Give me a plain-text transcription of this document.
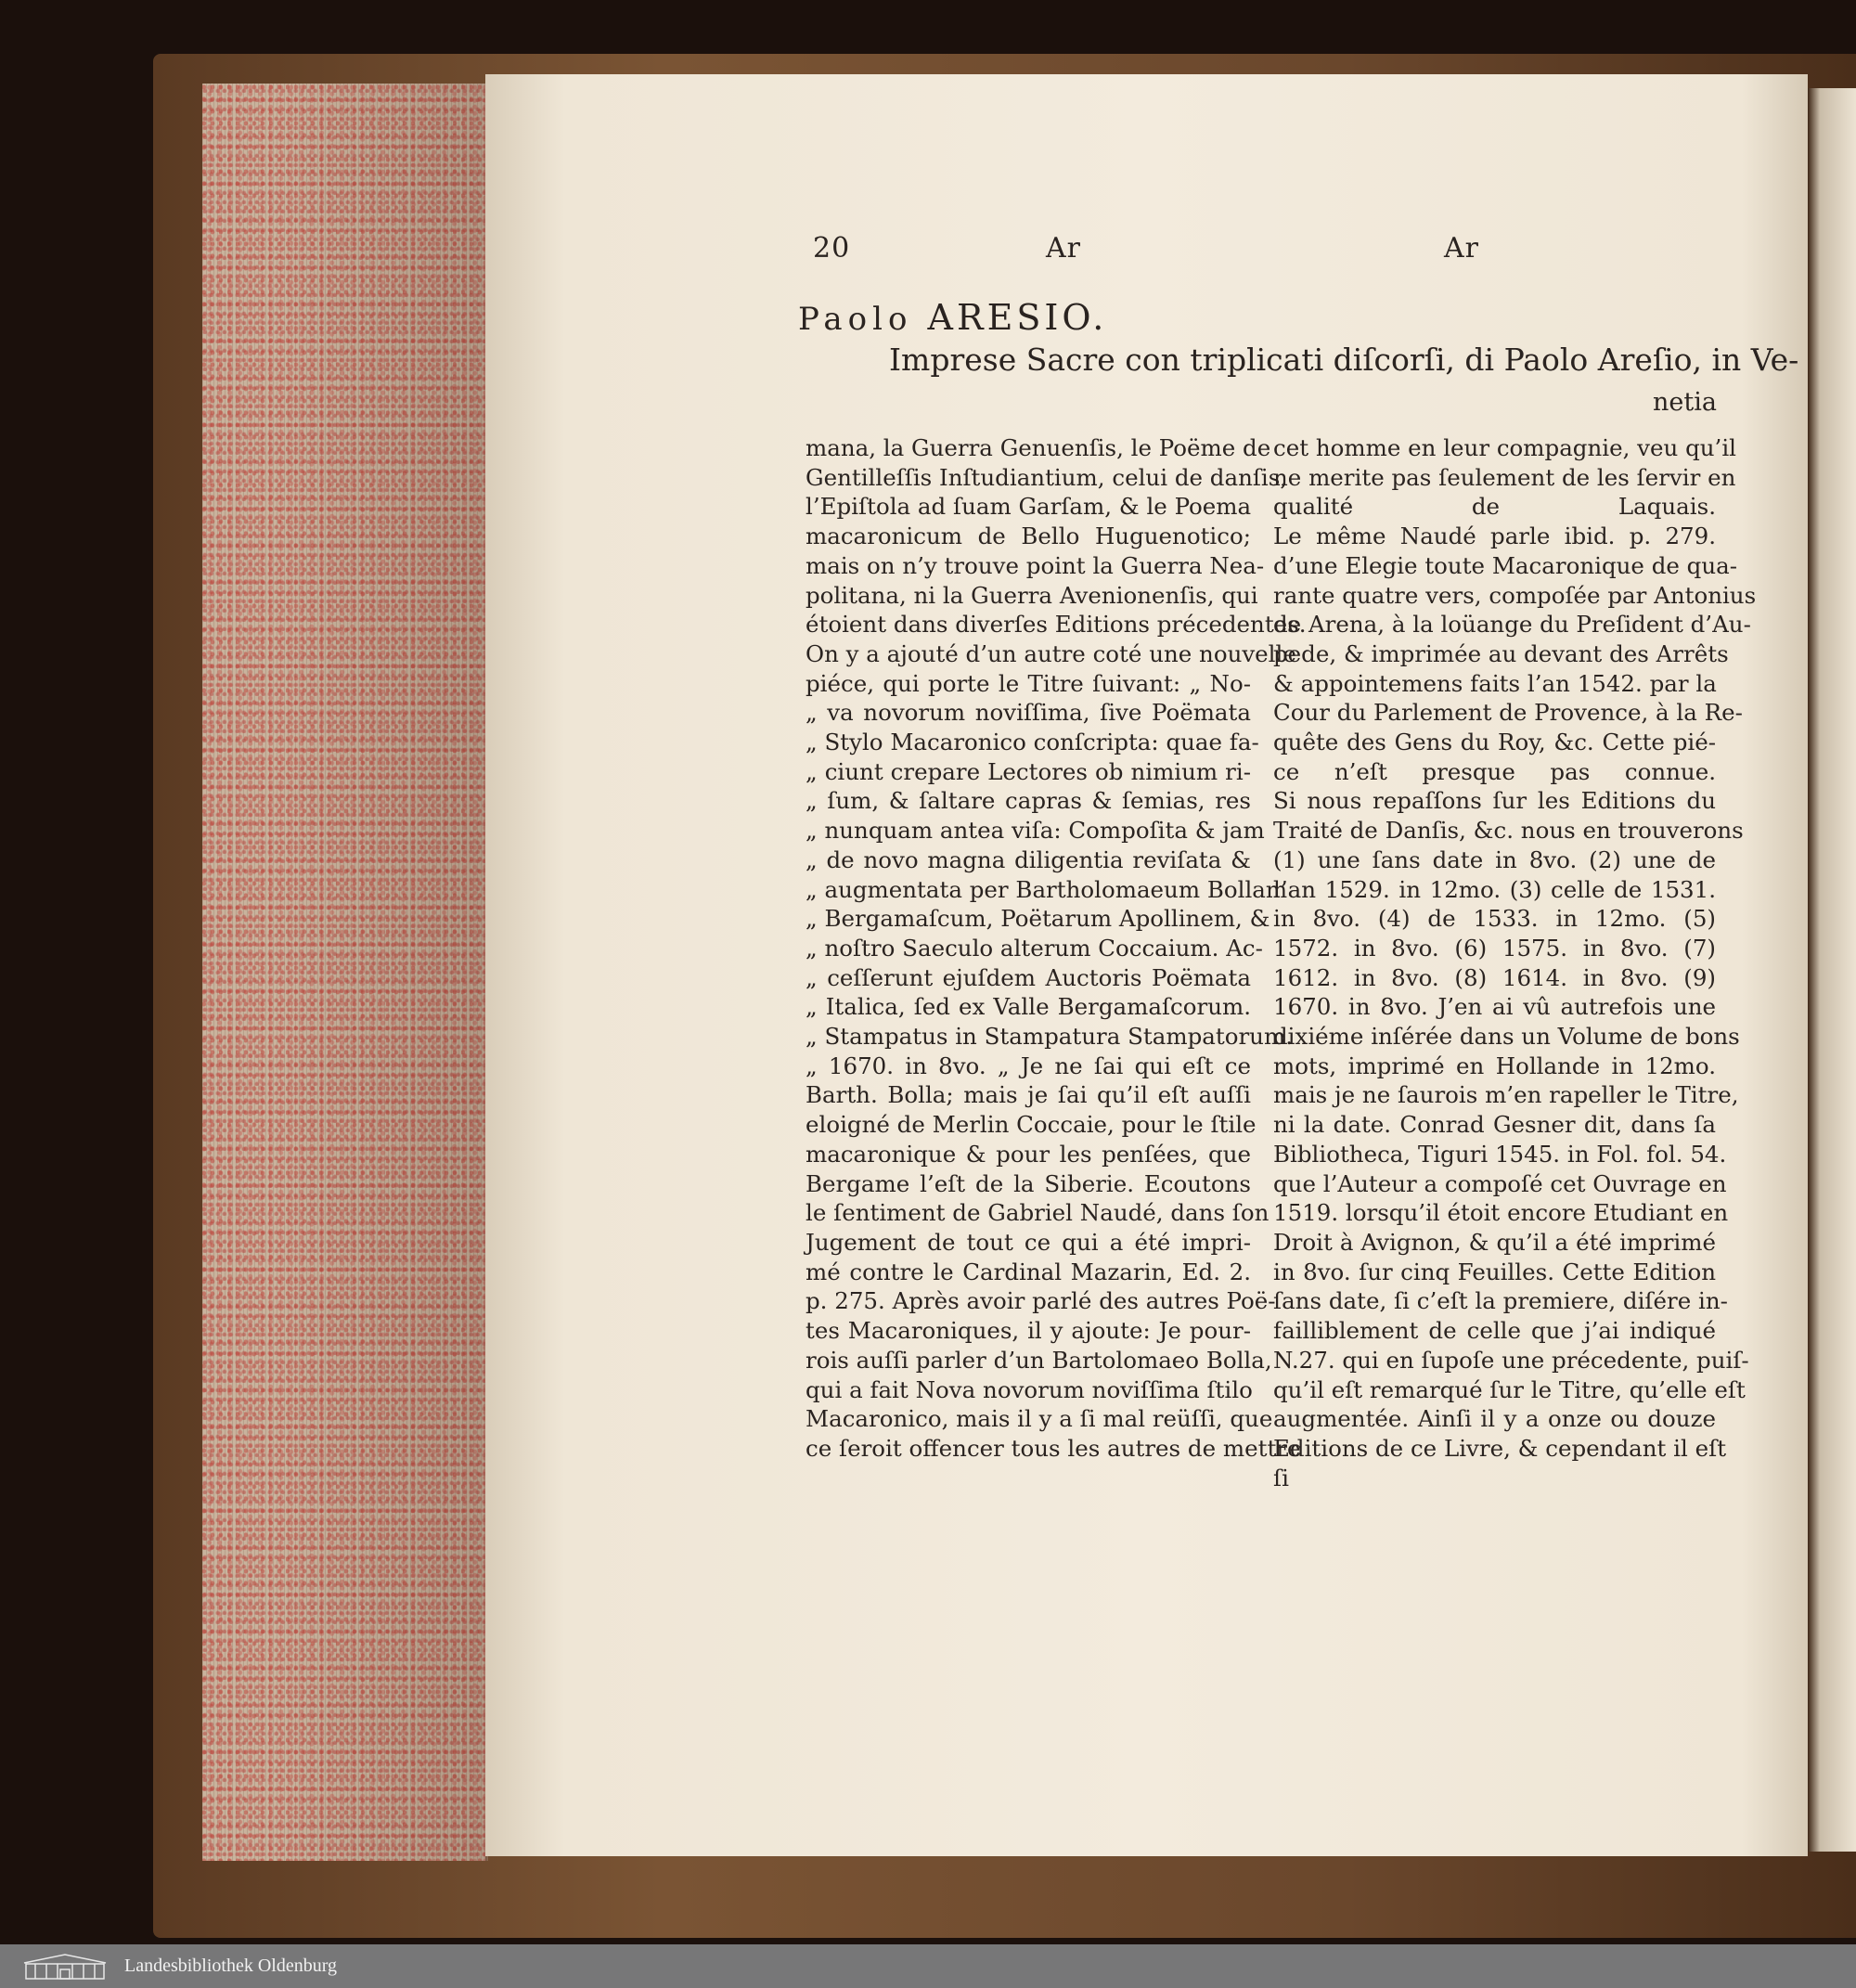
20	Ar	Ar
Paolo ARESIO.
Imprese Sacre con triplicati diſcorſi, di Paolo Areſio, in Ve-
netia
mana, la Guerra Genuenſis, le Poëme de
Gentilleſſis Inſtudiantium, celui de danſis,
l’Epiſtola ad ſuam Garſam, & le Poema
macaronicum de Bello Huguenotico;
mais on n’y trouve point la Guerra Nea-
politana, ni la Guerra Avenionenſis, qui
étoient dans diverſes Editions précedentes.
On y a ajouté d’un autre coté une nouvelle
piéce, qui porte le Titre ſuivant: „ No-
„ va novorum noviſſima, ſive Poëmata
„ Stylo Macaronico conſcripta: quae fa-
„ ciunt crepare Lectores ob nimium ri-
„ ſum, & ſaltare capras & ſemias, res
„ nunquam antea viſa: Compoſita & jam
„ de novo magna diligentia reviſata &
„ augmentata per Bartholomaeum Bollam
„ Bergamaſcum, Poëtarum Apollinem, &
„ noſtro Saeculo alterum Coccaium. Ac-
„ ceſſerunt ejuſdem Auctoris Poëmata
„ Italica, ſed ex Valle Bergamaſcorum.
„ Stampatus in Stampatura Stampatorum.
„ 1670. in 8vo. „ Je ne ſai qui eſt ce
Barth. Bolla; mais je ſai qu’il eſt auſſi
eloigné de Merlin Coccaie, pour le ſtile
macaronique & pour les penſées, que
Bergame l’eſt de la Siberie. Ecoutons
le ſentiment de Gabriel Naudé, dans ſon
Jugement de tout ce qui a été impri-
mé contre le Cardinal Mazarin, Ed. 2.
p. 275. Après avoir parlé des autres Poë-
tes Macaroniques, il y ajoute: Je pour-
rois auſſi parler d’un Bartolomaeo Bolla,
qui a fait Nova novorum noviſſima ſtilo
Macaronico, mais il y a ſi mal reüſſi, que
ce ſeroit offencer tous les autres de mettre
cet homme en leur compagnie, veu qu’il
ne merite pas ſeulement de les ſervir en
qualité de Laquais.
Le même Naudé parle ibid. p. 279.
d’une Elegie toute Macaronique de qua-
rante quatre vers, compoſée par Antonius
de Arena, à la loüange du Preſident d’Au-
pede, & imprimée au devant des Arrêts
& appointemens faits l’an 1542. par la
Cour du Parlement de Provence, à la Re-
quête des Gens du Roy, &c. Cette pié-
ce n’eſt presque pas connue.
Si nous repaſſons ſur les Editions du
Traité de Danſis, &c. nous en trouverons
(1) une ſans date in 8vo. (2) une de
l’an 1529. in 12mo. (3) celle de 1531.
in 8vo. (4) de 1533. in 12mo. (5)
1572. in 8vo. (6) 1575. in 8vo. (7)
1612. in 8vo. (8) 1614. in 8vo. (9)
1670. in 8vo. J’en ai vû autrefois une
dixiéme inſérée dans un Volume de bons
mots, imprimé en Hollande in 12mo.
mais je ne ſaurois m’en rapeller le Titre,
ni la date. Conrad Gesner dit, dans ſa
Bibliotheca, Tiguri 1545. in Fol. fol. 54.
que l’Auteur a compoſé cet Ouvrage en
1519. lorsqu’il étoit encore Etudiant en
Droit à Avignon, & qu’il a été imprimé
in 8vo. ſur cinq Feuilles. Cette Edition
ſans date, ſi c’eſt la premiere, diſére in-
failliblement de celle que j’ai indiqué
N.27. qui en ſupoſe une précedente, puiſ-
qu’il eſt remarqué ſur le Titre, qu’elle eſt
augmentée. Ainſi il y a onze ou douze
Editions de ce Livre, & cependant il eſt
ſi
Landesbibliothek Oldenburg
